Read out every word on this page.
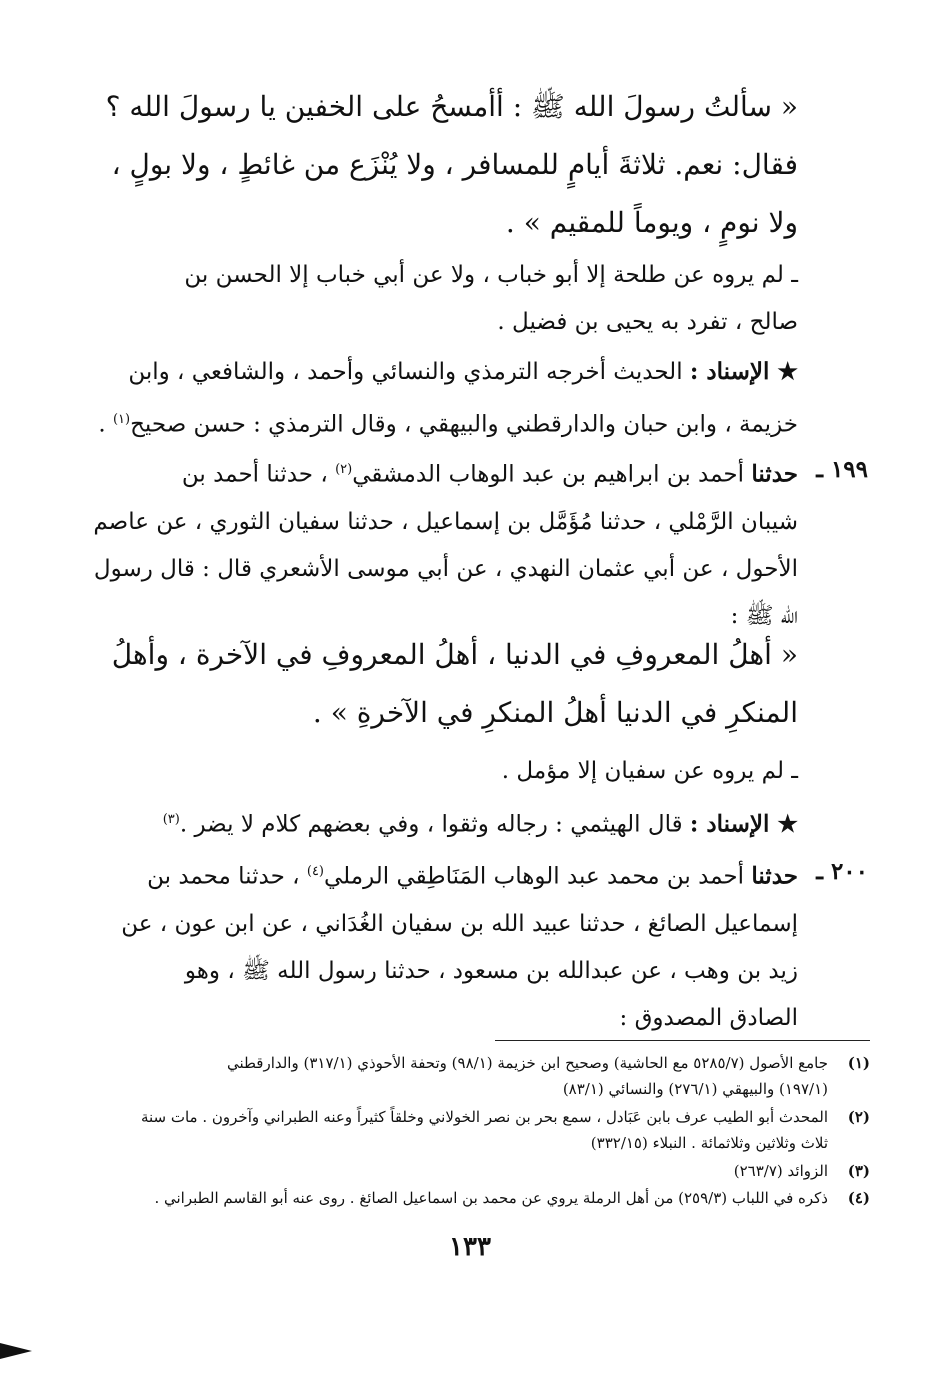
« سألتُ رسولَ الله ﷺ : أأمسحُ على الخفين يا رسولَ الله ؟
فقال: نعم. ثلاثةَ أيامٍ للمسافر ، ولا يُنْزَع من غائطٍ ، ولا بولٍ ،
ولا نومٍ ، ويوماً للمقيم » .
ـ لم يروه عن طلحة إلا أبو خباب ، ولا عن أبي خباب إلا الحسن بن
صالح ، تفرد به يحيى بن فضيل .
★ الإسناد : الحديث أخرجه الترمذي والنسائي وأحمد ، والشافعي ، وابن
خزيمة ، وابن حبان والدارقطني والبيهقي ، وقال الترمذي : حسن صحيح$^{(١)}$ .
١٩٩ ـ
حدثنا أحمد بن ابراهيم بن عبد الوهاب الدمشقي$^{(٢)}$ ، حدثنا أحمد بن
شيبان الرَّمْلي ، حدثنا مُؤَمَّل بن إسماعيل ، حدثنا سفيان الثوري ، عن عاصم
الأحول ، عن أبي عثمان النهدي ، عن أبي موسى الأشعري قال : قال رسول
الله ﷺ :
« أهلُ المعروفِ في الدنيا ، أهلُ المعروفِ في الآخرة ، وأهلُ
المنكرِ في الدنيا أهلُ المنكرِ في الآخرةِ » .
ـ لم يروه عن سفيان إلا مؤمل .
★ الإسناد : قال الهيثمي : رجاله وثقوا ، وفي بعضهم كلام لا يضر .$^{(٣)}$
٢٠٠ ـ
حدثنا أحمد بن محمد عبد الوهاب المَنَاطِقي الرملي$^{(٤)}$ ، حدثنا محمد بن
إسماعيل الصائغ ، حدثنا عبيد الله بن سفيان الغُدَاني ، عن ابن عون ، عن
زيد بن وهب ، عن عبدالله بن مسعود ، حدثنا رسول الله ﷺ ، وهو
الصادق المصدوق :
(١)جامع الأصول (٥٢٨٥/٧ مع الحاشية) وصحيح ابن خزيمة (٩٨/١) وتحفة الأحوذي (٣١٧/١) والدارقطني
(١٩٧/١) والبيهقي (٢٧٦/١) والنسائي (٨٣/١)
(٢)المحدث أبو الطيب عرف بابن عَبَادل ، سمع بحر بن نصر الخولاني وخلقاً كثيراً وعنه الطبراني وآخرون . مات سنة
ثلاث وثلاثين وثلاثمائة . النبلاء (٣٣٢/١٥)
(٣)الزوائد (٢٦٣/٧)
(٤)ذكره في اللباب (٢٥٩/٣) من أهل الرملة يروي عن محمد بن اسماعيل الصائغ . روى عنه أبو القاسم الطبراني .
١٣٣
